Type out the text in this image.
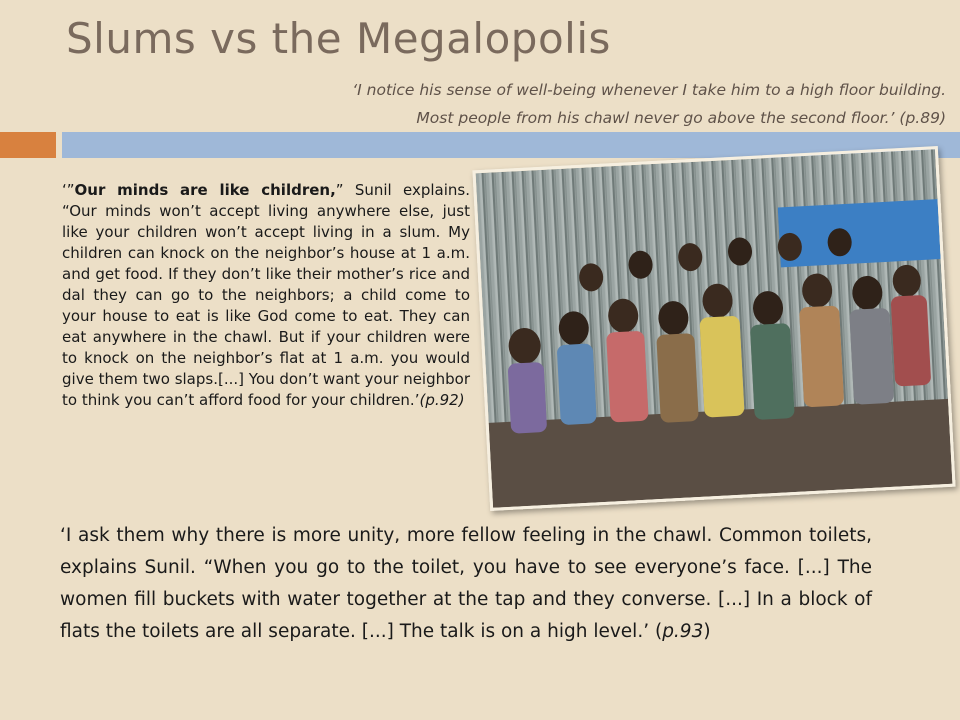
Slums vs the Megalopolis
‘I notice his sense of well-being whenever I take him to a high floor building.
Most people from his chawl never go above the second floor.’ (p.89)
‘”Our minds are like children,” Sunil explains. “Our minds won’t accept living anywhere else, just like your children won’t accept living in a slum. My children can knock on the neighbor’s house at 1 a.m. and get food. If they don’t like their mother’s rice and dal they can go to the neighbors; a child come to your house to eat is like God come to eat. They can eat anywhere in the chawl. But if your children were to knock on the neighbor’s flat at 1 a.m. you would give them two slaps.[...] You don’t want your neighbor to think you can’t afford food for your children.’(p.92)
‘I ask them why there is more unity, more fellow feeling in the chawl. Common toilets, explains Sunil. “When you go to the toilet, you have to see everyone’s face. [...] The women fill buckets with water together at the tap and they converse. [...] In a block of flats the toilets are all separate. [...] The talk is on a high level.’ (p.93)
